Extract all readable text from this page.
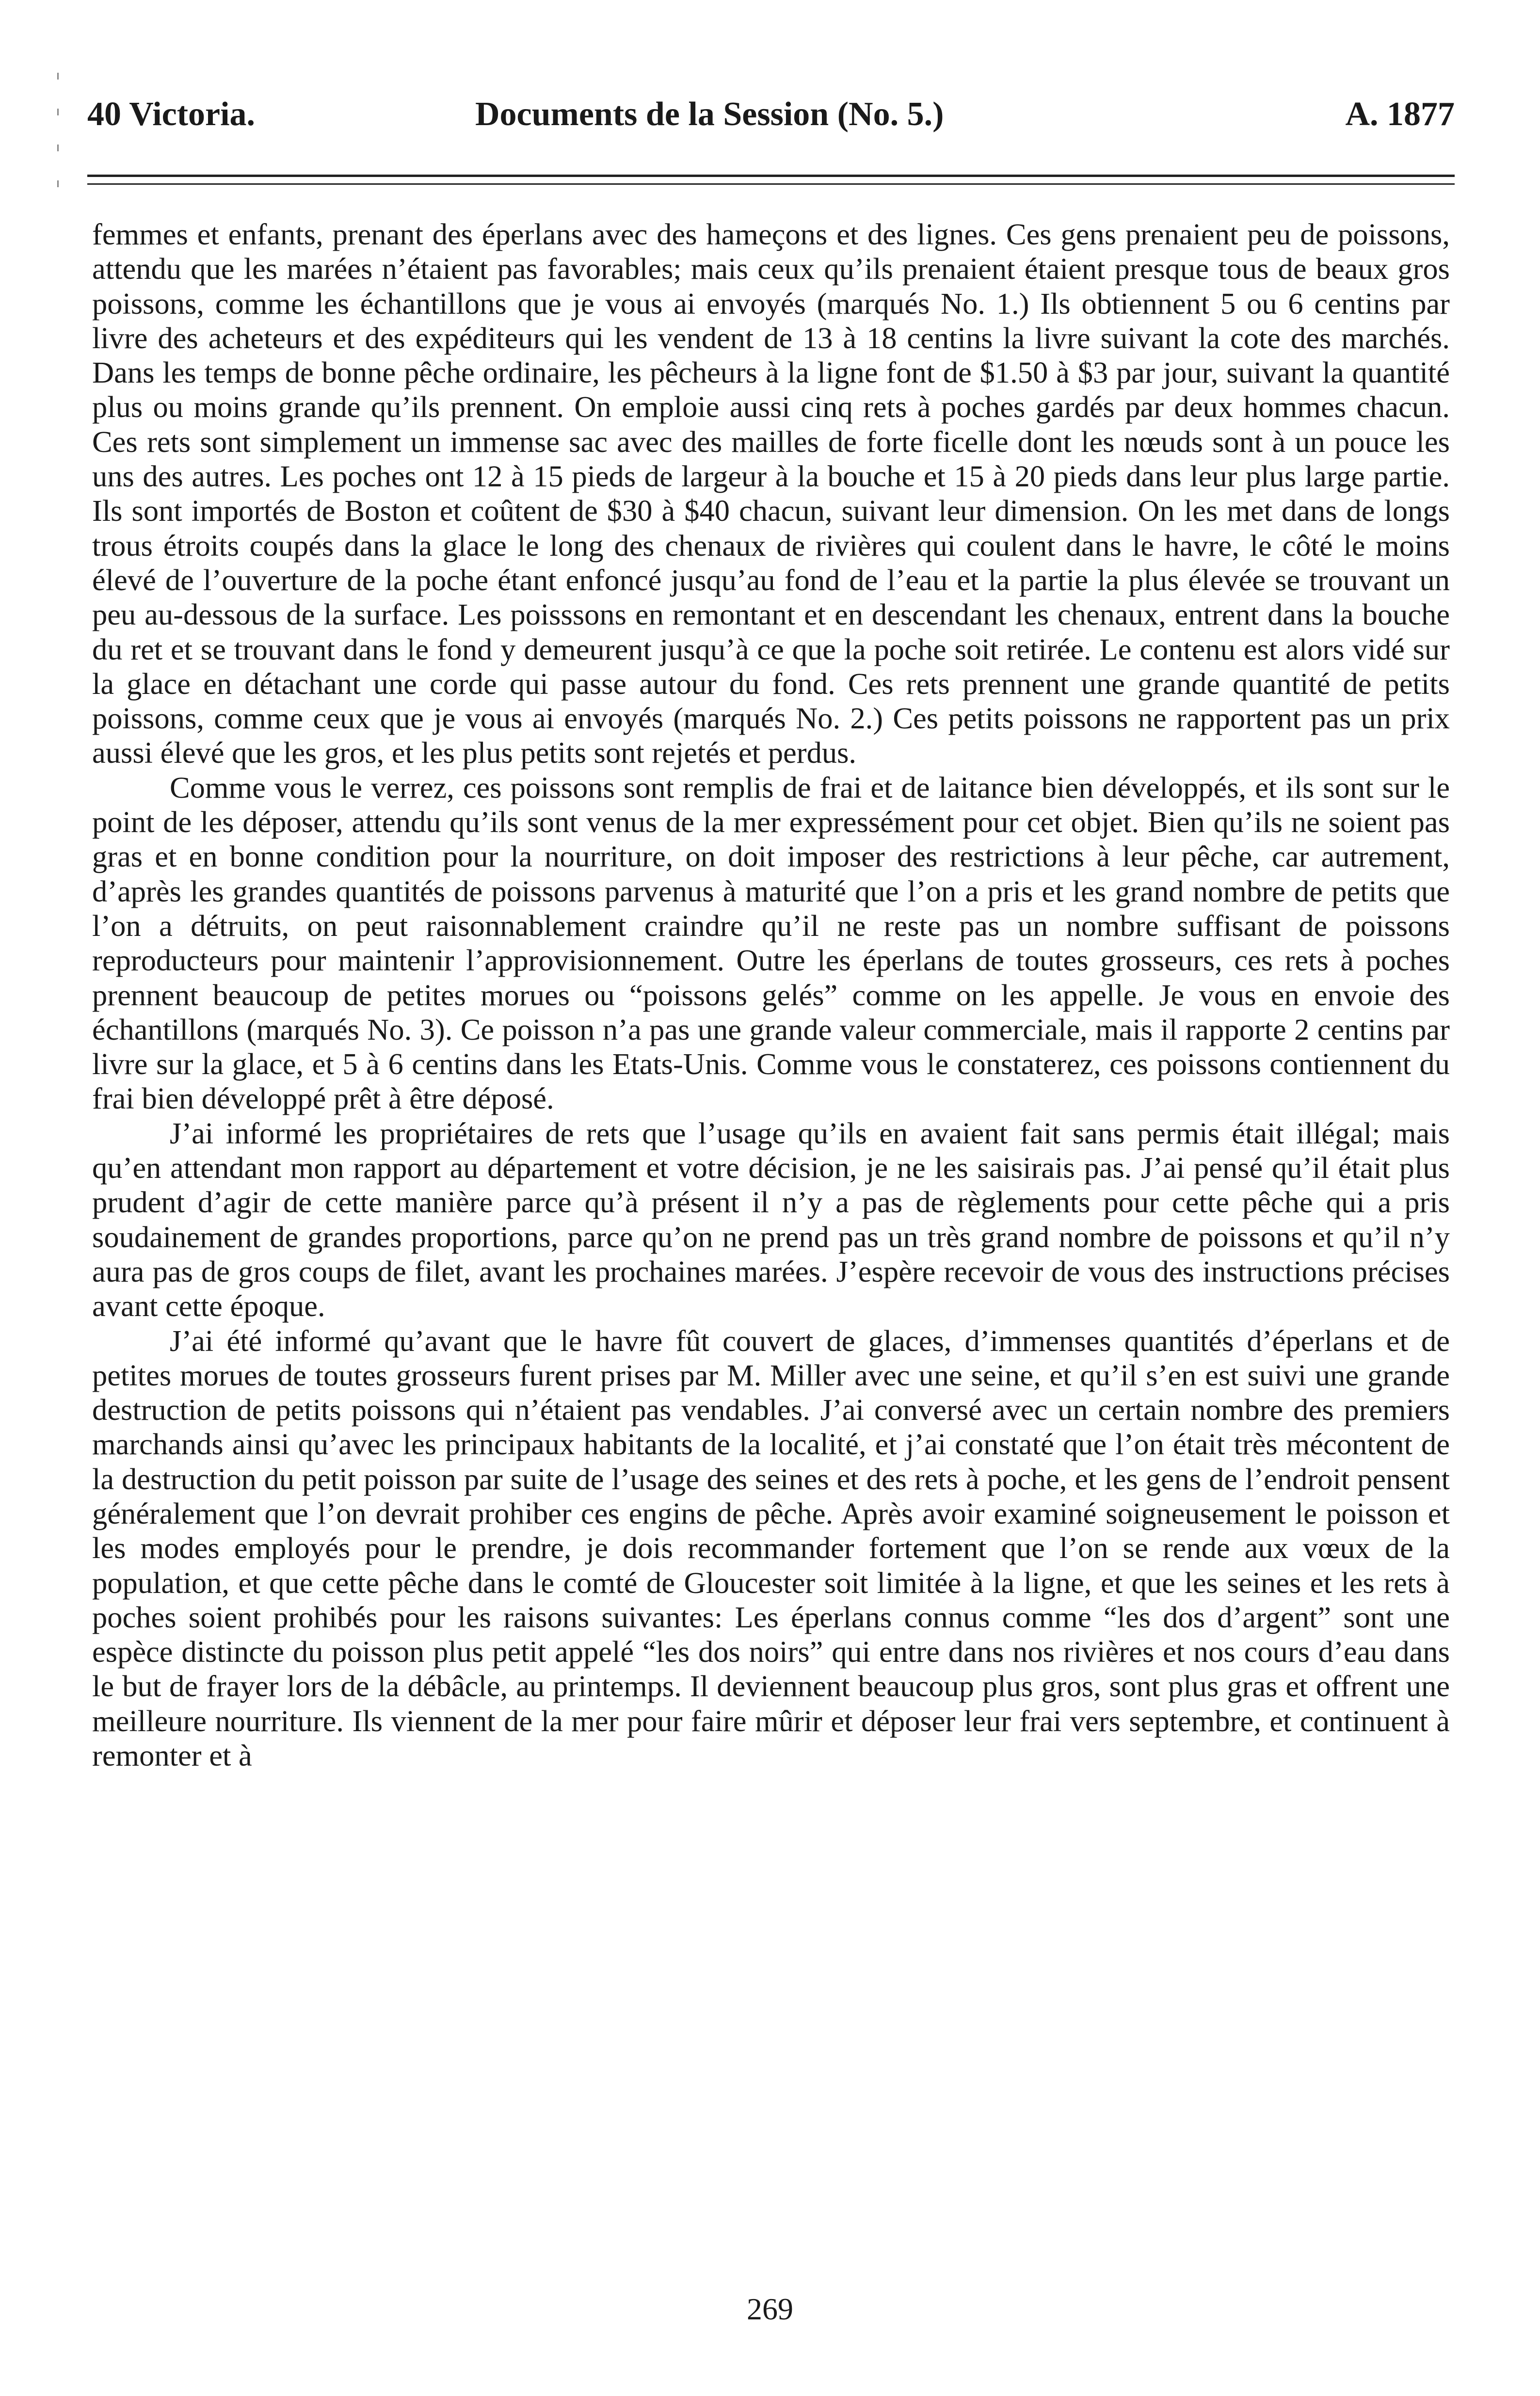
40 Victoria.	Documents de la Session (No. 5.)	A. 1877

femmes et enfants, prenant des éperlans avec des hameçons et des lignes. Ces gens prenaient peu de poissons, attendu que les marées n’étaient pas favorables; mais ceux qu’ils prenaient étaient presque tous de beaux gros poissons, comme les échantillons que je vous ai envoyés (marqués No. 1.) Ils obtiennent 5 ou 6 centins par livre des acheteurs et des expéditeurs qui les vendent de 13 à 18 centins la livre suivant la cote des marchés. Dans les temps de bonne pêche ordinaire, les pêcheurs à la ligne font de $1.50 à $3 par jour, suivant la quantité plus ou moins grande qu’ils prennent. On emploie aussi cinq rets à poches gardés par deux hommes chacun. Ces rets sont simplement un immense sac avec des mailles de forte ficelle dont les nœuds sont à un pouce les uns des autres. Les poches ont 12 à 15 pieds de largeur à la bouche et 15 à 20 pieds dans leur plus large partie. Ils sont importés de Boston et coûtent de $30 à $40 chacun, suivant leur dimension. On les met dans de longs trous étroits coupés dans la glace le long des chenaux de rivières qui coulent dans le havre, le côté le moins élevé de l’ouverture de la poche étant enfoncé jusqu’au fond de l’eau et la partie la plus élevée se trouvant un peu au-dessous de la surface. Les poisssons en remontant et en descendant les chenaux, entrent dans la bouche du ret et se trouvant dans le fond y demeurent jusqu’à ce que la poche soit retirée. Le contenu est alors vidé sur la glace en détachant une corde qui passe autour du fond. Ces rets prennent une grande quantité de petits poissons, comme ceux que je vous ai envoyés (marqués No. 2.) Ces petits poissons ne rapportent pas un prix aussi élevé que les gros, et les plus petits sont rejetés et perdus.

Comme vous le verrez, ces poissons sont remplis de frai et de laitance bien développés, et ils sont sur le point de les déposer, attendu qu’ils sont venus de la mer expressément pour cet objet. Bien qu’ils ne soient pas gras et en bonne condition pour la nourriture, on doit imposer des restrictions à leur pêche, car autrement, d’après les grandes quantités de poissons parvenus à maturité que l’on a pris et les grand nombre de petits que l’on a détruits, on peut raisonnablement craindre qu’il ne reste pas un nombre suffisant de poissons reproducteurs pour maintenir l’approvisionnement. Outre les éperlans de toutes grosseurs, ces rets à poches prennent beaucoup de petites morues ou “poissons gelés” comme on les appelle. Je vous en envoie des échantillons (marqués No. 3). Ce poisson n’a pas une grande valeur commerciale, mais il rapporte 2 centins par livre sur la glace, et 5 à 6 centins dans les Etats-Unis. Comme vous le constaterez, ces poissons contiennent du frai bien développé prêt à être déposé.

J’ai informé les propriétaires de rets que l’usage qu’ils en avaient fait sans permis était illégal; mais qu’en attendant mon rapport au département et votre décision, je ne les saisirais pas. J’ai pensé qu’il était plus prudent d’agir de cette manière parce qu’à présent il n’y a pas de règlements pour cette pêche qui a pris soudainement de grandes proportions, parce qu’on ne prend pas un très grand nombre de poissons et qu’il n’y aura pas de gros coups de filet, avant les prochaines marées. J’espère recevoir de vous des instructions précises avant cette époque.

J’ai été informé qu’avant que le havre fût couvert de glaces, d’immenses quantités d’éperlans et de petites morues de toutes grosseurs furent prises par M. Miller avec une seine, et qu’il s’en est suivi une grande destruction de petits poissons qui n’étaient pas vendables. J’ai conversé avec un certain nombre des premiers marchands ainsi qu’avec les principaux habitants de la localité, et j’ai constaté que l’on était très mécontent de la destruction du petit poisson par suite de l’usage des seines et des rets à poche, et les gens de l’endroit pensent généralement que l’on devrait prohiber ces engins de pêche. Après avoir examiné soigneusement le poisson et les modes employés pour le prendre, je dois recommander fortement que l’on se rende aux vœux de la population, et que cette pêche dans le comté de Gloucester soit limitée à la ligne, et que les seines et les rets à poches soient prohibés pour les raisons suivantes: Les éperlans connus comme “les dos d’argent” sont une espèce distincte du poisson plus petit appelé “les dos noirs” qui entre dans nos rivières et nos cours d’eau dans le but de frayer lors de la débâcle, au printemps. Il deviennent beaucoup plus gros, sont plus gras et offrent une meilleure nourriture. Ils viennent de la mer pour faire mûrir et déposer leur frai vers septembre, et continuent à remonter et à

269
